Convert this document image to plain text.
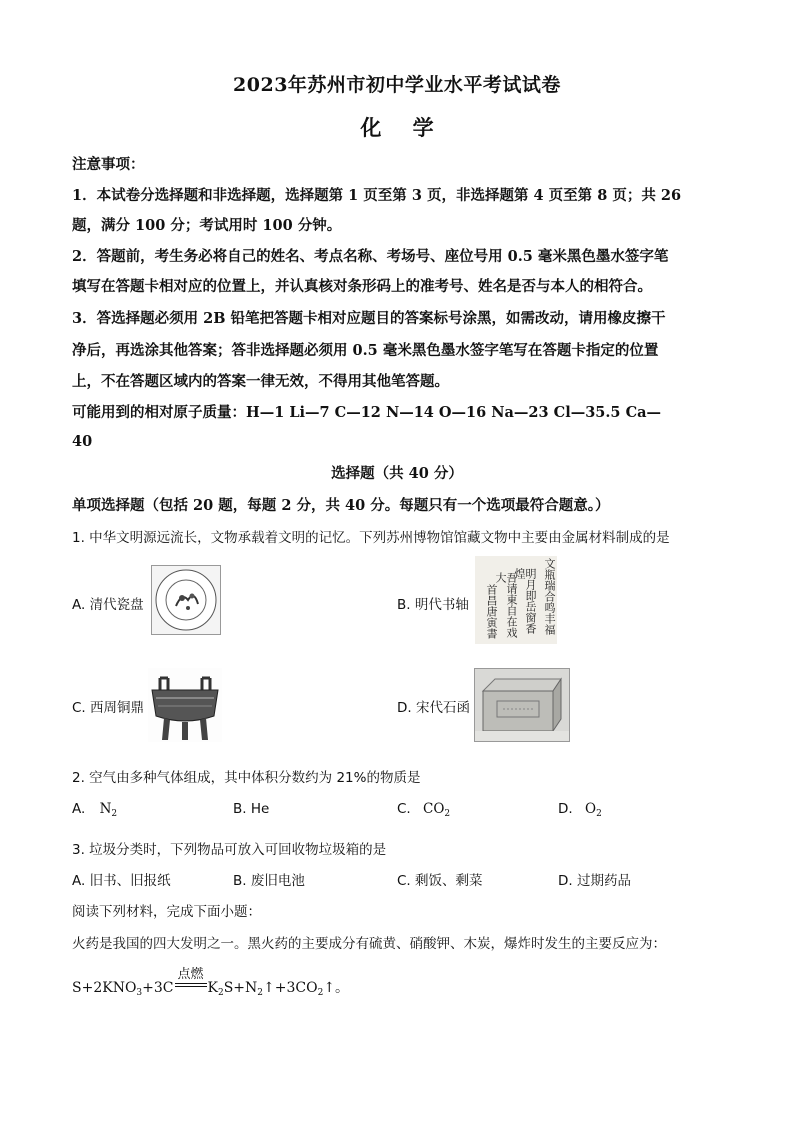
2023年苏州市初中学业水平考试试卷
化 学
注意事项：
1．本试卷分选择题和非选择题，选择题第 1 页至第 3 页，非选择题第 4 页至第 8 页；共 26
题，满分 100 分；考试用时 100 分钟。
2．答题前，考生务必将自己的姓名、考点名称、考场号、座位号用 0.5 毫米黑色墨水签字笔
填写在答题卡相对应的位置上，并认真核对条形码上的准考号、姓名是否与本人的相符合。
3．答选择题必须用 2B 铅笔把答题卡相对应题目的答案标号涂黑，如需改动，请用橡皮擦干
净后，再选涂其他答案；答非选择题必须用 0.5 毫米黑色墨水签字笔写在答题卡指定的位置
上，不在答题区域内的答案一律无效，不得用其他笔答题。
可能用到的相对原子质量：H—1 Li—7 C—12 N—14 O—16 Na—23 Cl—35.5 Ca—
40
选择题（共 40 分）
单项选择题（包括 20 题，每题 2 分，共 40 分。每题只有一个选项最符合题意。）
1. 中华文明源远流长，文物承载着文明的记忆。下列苏州博物馆馆藏文物中主要由金属材料制成的是
A. 清代瓷盘	B. 明代书轴	文瓶瑞合鸣丰福
明月即岳窗香煌
吾请東自在戏大
首昌唐寅書
C. 西周铜鼎	D. 宋代石函
2. 空气由多种气体组成，其中体积分数约为 21%的物质是
A. $N_2$	B. He	C. $CO_2$	D. $O_2$
3. 垃圾分类时，下列物品可放入可回收物垃圾箱的是
A. 旧书、旧报纸	B. 废旧电池	C. 剩饭、剩菜	D. 过期药品
阅读下列材料，完成下面小题：
火药是我国的四大发明之一。黑火药的主要成分有硫黄、硝酸钾、木炭，爆炸时发生的主要反应为：
$S+2KNO_3+3C$
点燃
$K_2S+N_2↑+3CO_2↑$。
